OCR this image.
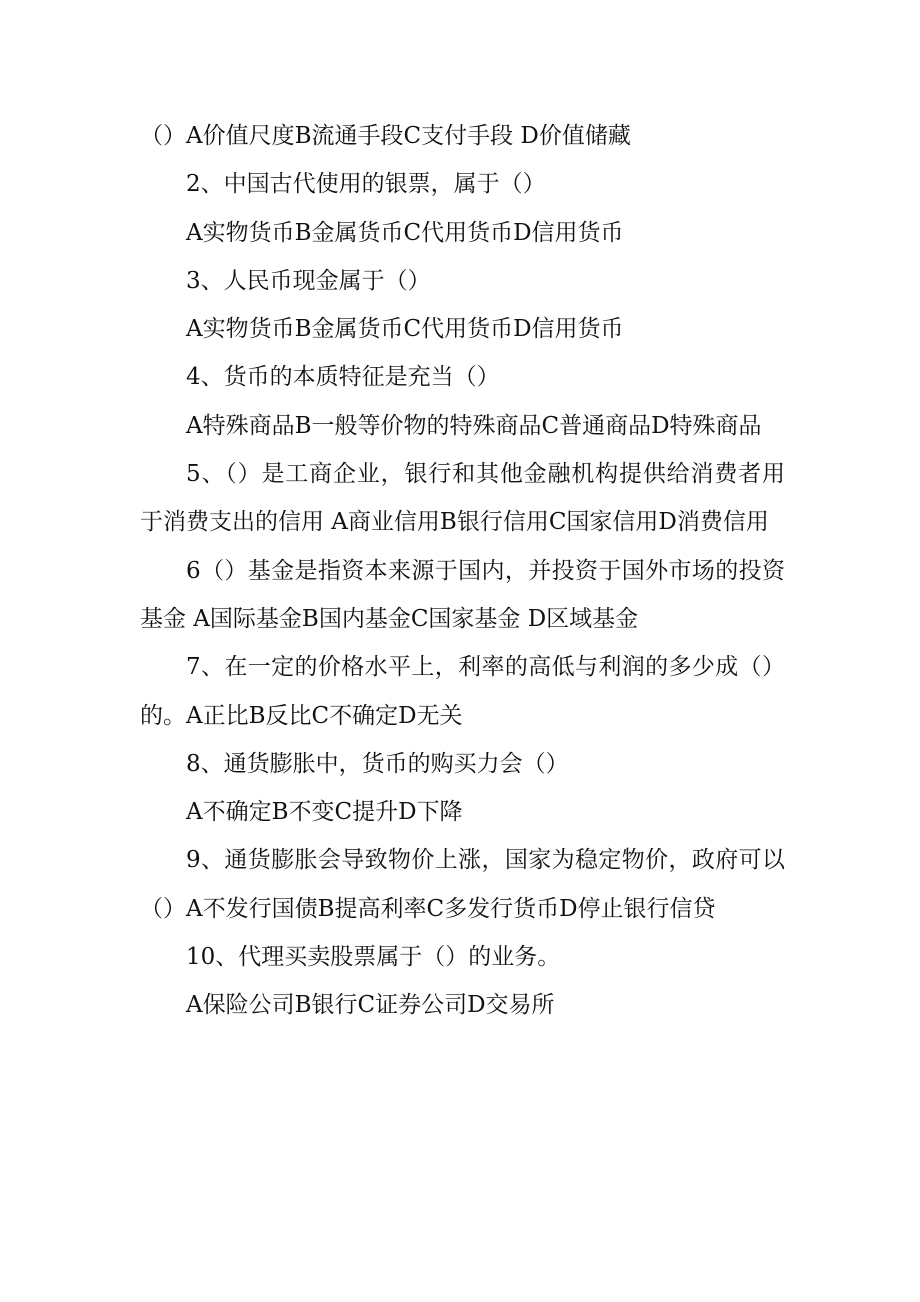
（）A价值尺度B流通手段C支付手段 D价值储藏

2、中国古代使用的银票，属于（）

A实物货币B金属货币C代用货币D信用货币

3、人民币现金属于（）

A实物货币B金属货币C代用货币D信用货币

4、货币的本质特征是充当（）

A特殊商品B一般等价物的特殊商品C普通商品D特殊商品

5、（）是工商企业，银行和其他金融机构提供给消费者用于消费支出的信用 A商业信用B银行信用C国家信用D消费信用

6（）基金是指资本来源于国内，并投资于国外市场的投资基金 A国际基金B国内基金C国家基金 D区域基金

7、在一定的价格水平上，利率的高低与利润的多少成（）的。A正比B反比C不确定D无关

8、通货膨胀中，货币的购买力会（）

A不确定B不变C提升D下降

9、通货膨胀会导致物价上涨，国家为稳定物价，政府可以（）A不发行国债B提高利率C多发行货币D停止银行信贷

10、代理买卖股票属于（）的业务。

A保险公司B银行C证券公司D交易所
